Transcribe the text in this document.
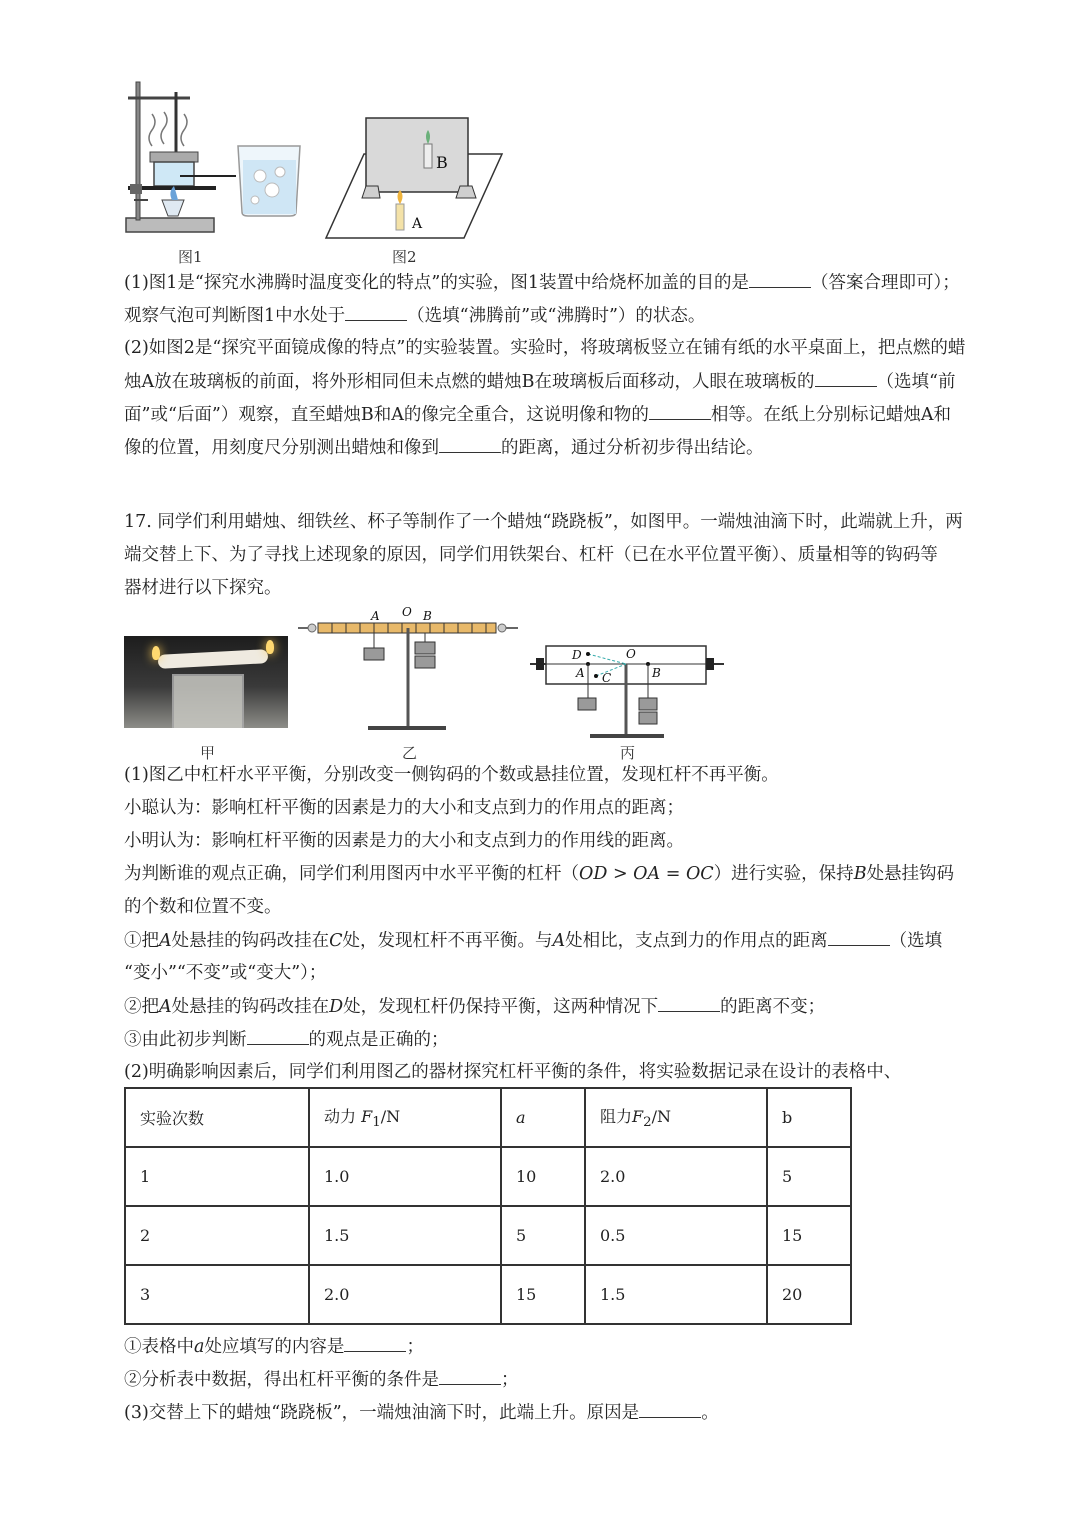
图1
B
A
图2
(1)图1是“探究水沸腾时温度变化的特点”的实验，图1装置中给烧杯加盖的目的是	（答案合理即可）；
观察气泡可判断图1中水处于	（选填“沸腾前”或“沸腾时”）的状态。
(2)如图2是“探究平面镜成像的特点”的实验装置。实验时，将玻璃板竖立在铺有纸的水平桌面上，把点燃的蜡
烛A放在玻璃板的前面，将外形相同但未点燃的蜡烛B在玻璃板后面移动，人眼在玻璃板的	（选填“前
面”或“后面”）观察，直至蜡烛B和A的像完全重合，这说明像和物的	相等。在纸上分别标记蜡烛A和
像的位置，用刻度尺分别测出蜡烛和像到	的距离，通过分析初步得出结论。
17. 同学们利用蜡烛、细铁丝、杯子等制作了一个蜡烛“跷跷板”，如图甲。一端烛油滴下时，此端就上升，两
端交替上下、为了寻找上述现象的原因，同学们用铁架台、杠杆（已在水平位置平衡）、质量相等的钩码等
器材进行以下探究。
甲
A O B
乙
D	O
A C	B
丙
(1)图乙中杠杆水平平衡，分别改变一侧钩码的个数或悬挂位置，发现杠杆不再平衡。
小聪认为：影响杠杆平衡的因素是力的大小和支点到力的作用点的距离；
小明认为：影响杠杆平衡的因素是力的大小和支点到力的作用线的距离。
为判断谁的观点正确，同学们利用图丙中水平平衡的杠杆（OD > OA = OC）进行实验，保持B处悬挂钩码
的个数和位置不变。
①把A处悬挂的钩码改挂在C处，发现杠杆不再平衡。与A处相比，支点到力的作用点的距离	（选填
“变小”“不变”或“变大”）；
②把A处悬挂的钩码改挂在D处，发现杠杆仍保持平衡，这两种情况下	的距离不变；
③由此初步判断	的观点是正确的；
(2)明确影响因素后，同学们利用图乙的器材探究杠杆平衡的条件，将实验数据记录在设计的表格中、
实验次数	动力 $F_1/N$	a	阻力$F_2/N$	b
1	1.0	10	2.0	5
2	1.5	5	0.5	15
3	2.0	15	1.5	20
①表格中a处应填写的内容是	；
②分析表中数据，得出杠杆平衡的条件是	；
(3)交替上下的蜡烛“跷跷板”，一端烛油滴下时，此端上升。原因是	。
